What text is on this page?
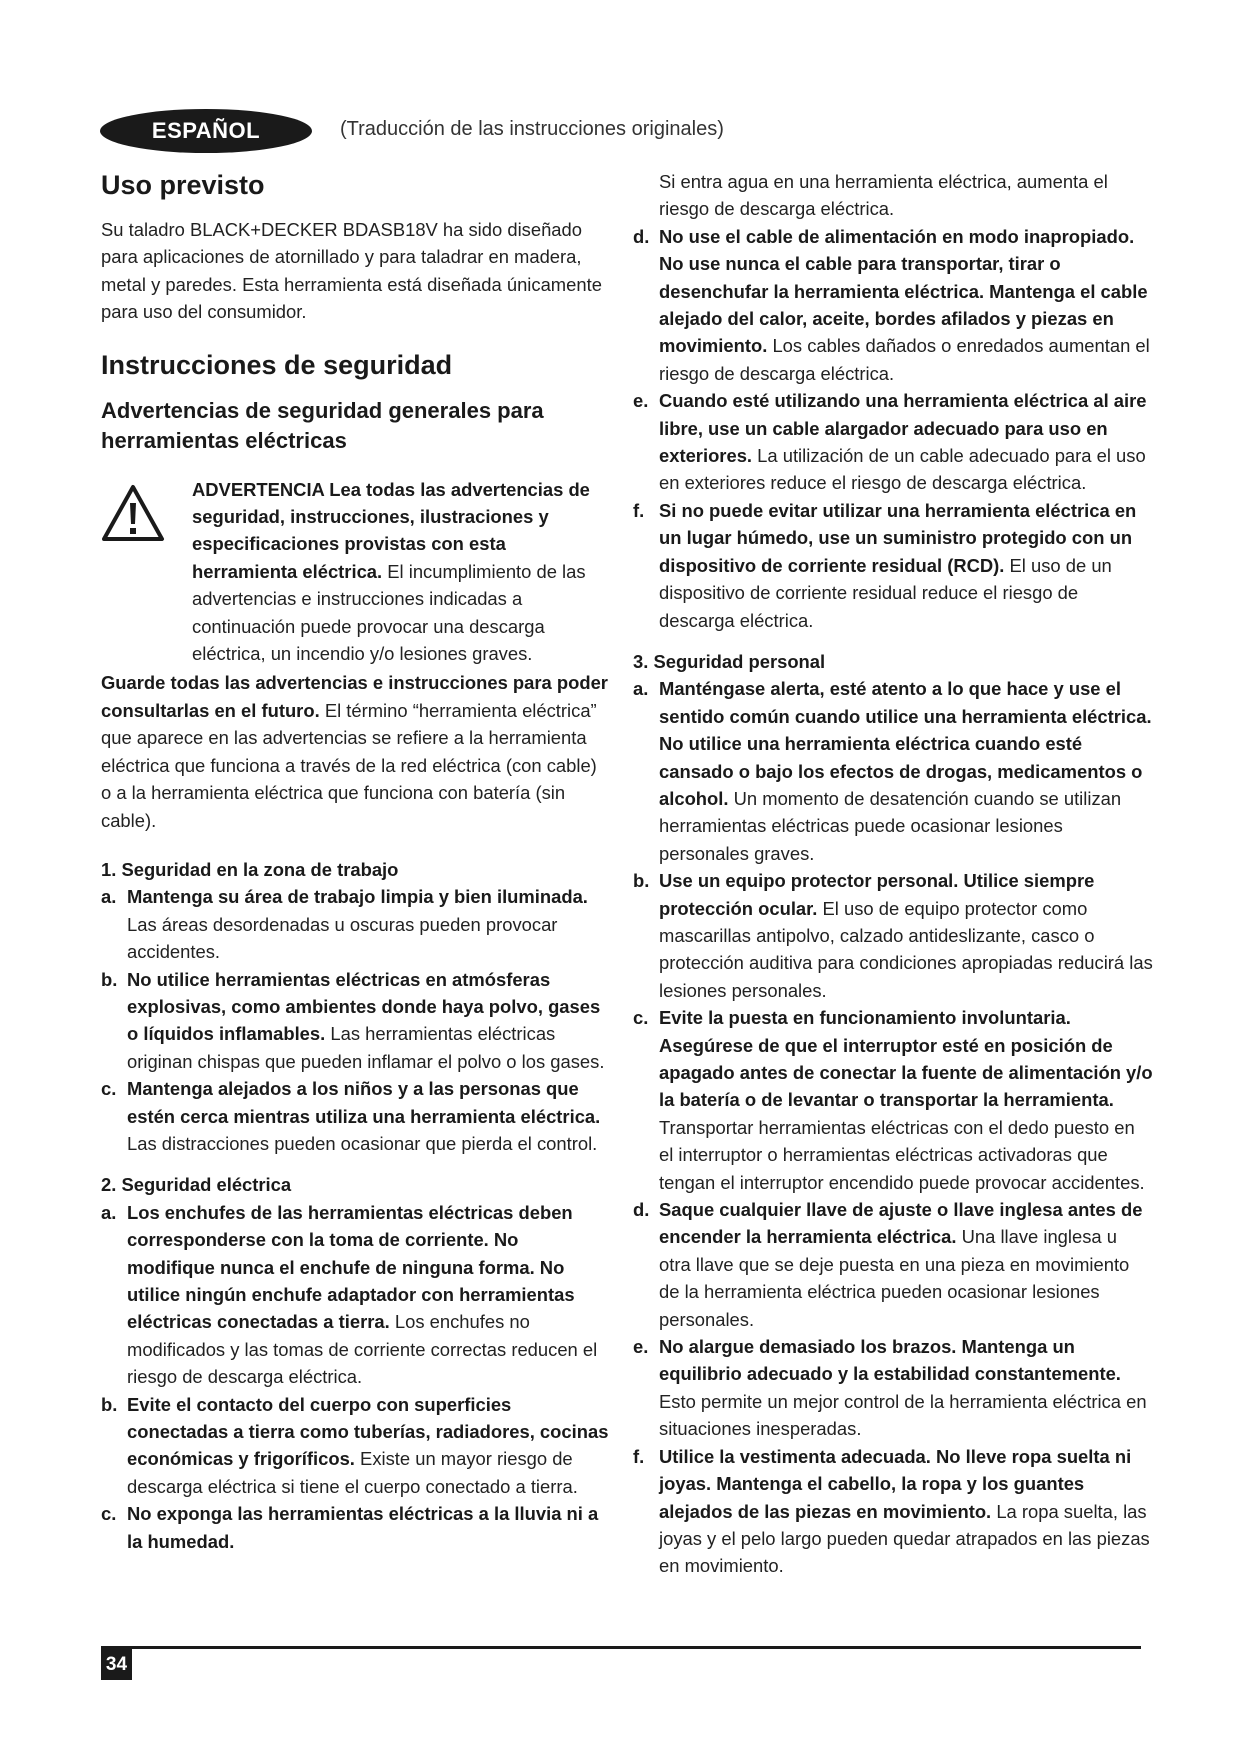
ESPAÑOL	(Traducción de las instrucciones originales)
Uso previsto

Su taladro BLACK+DECKER BDASB18V ha sido diseñado para aplicaciones de atornillado y para taladrar en madera, metal y paredes. Esta herramienta está diseñada únicamente para uso del consumidor.

Instrucciones de seguridad
Advertencias de seguridad generales para herramientas eléctricas
ADVERTENCIA Lea todas las advertencias de seguridad, instrucciones, ilustraciones y especificaciones provistas con esta herramienta eléctrica. El incumplimiento de las advertencias e instrucciones indicadas a continuación puede provocar una descarga eléctrica, un incendio y/o lesiones graves.

Guarde todas las advertencias e instrucciones para poder consultarlas en el futuro. El término “herramienta eléctrica” que aparece en las advertencias se refiere a la herramienta eléctrica que funciona a través de la red eléctrica (con cable) o a la herramienta eléctrica que funciona con batería (sin cable).

1. Seguridad en la zona de trabajo

a. Mantenga su área de trabajo limpia y bien iluminada. Las áreas desordenadas u oscuras pueden provocar accidentes.
b. No utilice herramientas eléctricas en atmósferas explosivas, como ambientes donde haya polvo, gases o líquidos inflamables. Las herramientas eléctricas originan chispas que pueden inflamar el polvo o los gases.
c. Mantenga alejados a los niños y a las personas que estén cerca mientras utiliza una herramienta eléctrica. Las distracciones pueden ocasionar que pierda el control.

2. Seguridad eléctrica

a. Los enchufes de las herramientas eléctricas deben corresponderse con la toma de corriente. No modifique nunca el enchufe de ninguna forma. No utilice ningún enchufe adaptador con herramientas eléctricas conectadas a tierra. Los enchufes no modificados y las tomas de corriente correctas reducen el riesgo de descarga eléctrica.
b. Evite el contacto del cuerpo con superficies conectadas a tierra como tuberías, radiadores, cocinas económicas y frigoríficos. Existe un mayor riesgo de descarga eléctrica si tiene el cuerpo conectado a tierra.
c. No exponga las herramientas eléctricas a la lluvia ni a la humedad.

Si entra agua en una herramienta eléctrica, aumenta el riesgo de descarga eléctrica.

d. No use el cable de alimentación en modo inapropiado. No use nunca el cable para transportar, tirar o desenchufar la herramienta eléctrica. Mantenga el cable alejado del calor, aceite, bordes afilados y piezas en movimiento. Los cables dañados o enredados aumentan el riesgo de descarga eléctrica.
e. Cuando esté utilizando una herramienta eléctrica al aire libre, use un cable alargador adecuado para uso en exteriores. La utilización de un cable adecuado para el uso en exteriores reduce el riesgo de descarga eléctrica.
f. Si no puede evitar utilizar una herramienta eléctrica en un lugar húmedo, use un suministro protegido con un dispositivo de corriente residual (RCD). El uso de un dispositivo de corriente residual reduce el riesgo de descarga eléctrica.

3. Seguridad personal

a. Manténgase alerta, esté atento a lo que hace y use el sentido común cuando utilice una herramienta eléctrica. No utilice una herramienta eléctrica cuando esté cansado o bajo los efectos de drogas, medicamentos o alcohol. Un momento de desatención cuando se utilizan herramientas eléctricas puede ocasionar lesiones personales graves.
b. Use un equipo protector personal. Utilice siempre protección ocular. El uso de equipo protector como mascarillas antipolvo, calzado antideslizante, casco o protección auditiva para condiciones apropiadas reducirá las lesiones personales.
c. Evite la puesta en funcionamiento involuntaria. Asegúrese de que el interruptor esté en posición de apagado antes de conectar la fuente de alimentación y/o la batería o de levantar o transportar la herramienta. Transportar herramientas eléctricas con el dedo puesto en el interruptor o herramientas eléctricas activadoras que tengan el interruptor encendido puede provocar accidentes.
d. Saque cualquier llave de ajuste o llave inglesa antes de encender la herramienta eléctrica. Una llave inglesa u otra llave que se deje puesta en una pieza en movimiento de la herramienta eléctrica pueden ocasionar lesiones personales.
e. No alargue demasiado los brazos. Mantenga un equilibrio adecuado y la estabilidad constantemente. Esto permite un mejor control de la herramienta eléctrica en situaciones inesperadas.
f. Utilice la vestimenta adecuada. No lleve ropa suelta ni joyas. Mantenga el cabello, la ropa y los guantes alejados de las piezas en movimiento. La ropa suelta, las joyas y el pelo largo pueden quedar atrapados en las piezas en movimiento.
34
